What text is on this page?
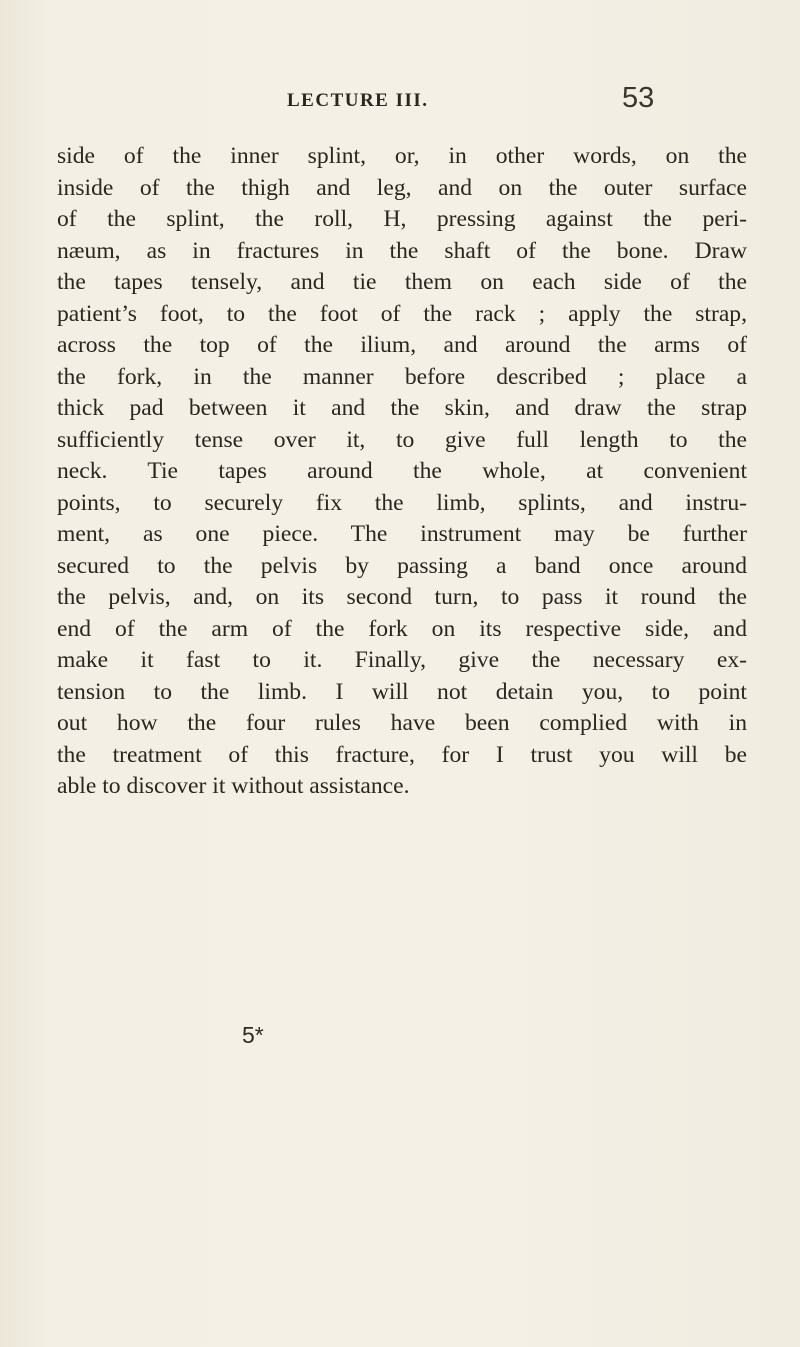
LECTURE III.	53
side of the inner splint, or, in other words, on the
inside of the thigh and leg, and on the outer surface
of the splint, the roll, H, pressing against the peri-
næum, as in fractures in the shaft of the bone. Draw
the tapes tensely, and tie them on each side of the
patient’s foot, to the foot of the rack ; apply the strap,
across the top of the ilium, and around the arms of
the fork, in the manner before described ; place a
thick pad between it and the skin, and draw the strap
sufficiently tense over it, to give full length to the
neck. Tie tapes around the whole, at convenient
points, to securely fix the limb, splints, and instru-
ment, as one piece. The instrument may be further
secured to the pelvis by passing a band once around
the pelvis, and, on its second turn, to pass it round the
end of the arm of the fork on its respective side, and
make it fast to it. Finally, give the necessary ex-
tension to the limb. I will not detain you, to point
out how the four rules have been complied with in
the treatment of this fracture, for I trust you will be
able to discover it without assistance.
5*
